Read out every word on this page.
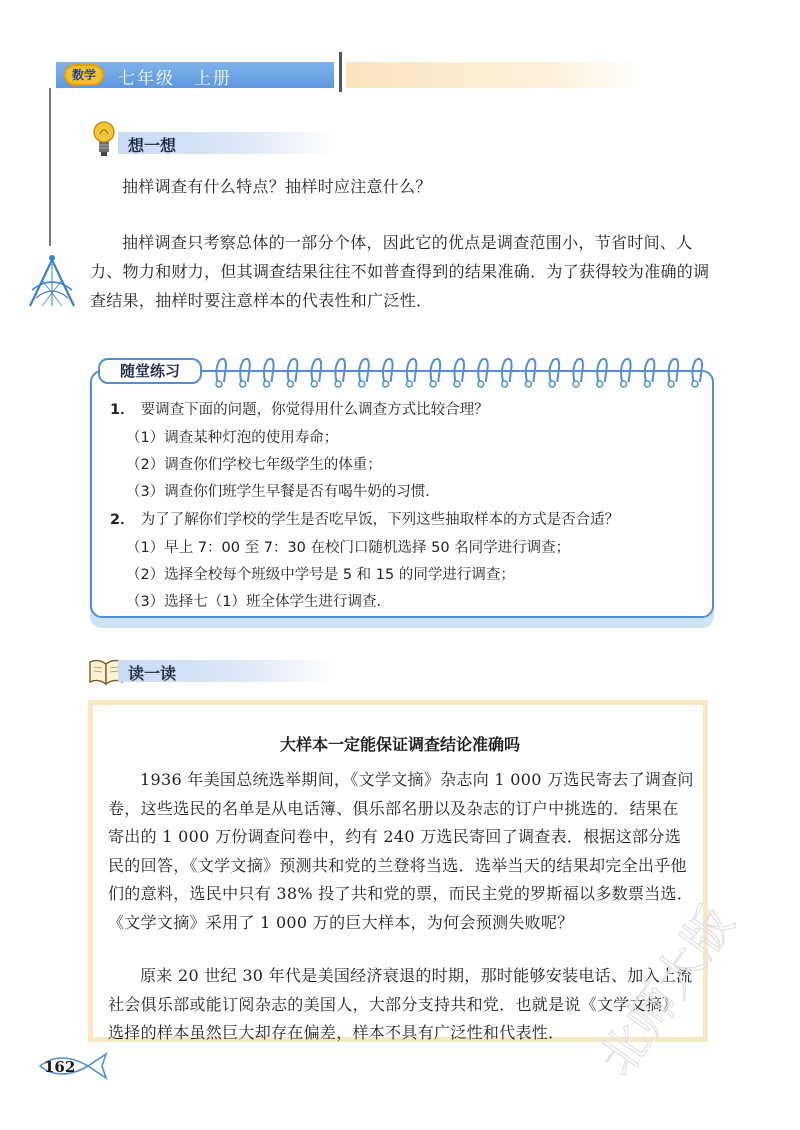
数学	七年级　上册
想一想

抽样调查有什么特点？抽样时应注意什么？

抽样调查只考察总体的一部分个体，因此它的优点是调查范围小，节省时间、人力、物力和财力，但其调查结果往往不如普查得到的结果准确．为了获得较为准确的调查结果，抽样时要注意样本的代表性和广泛性．

随堂练习
1． 要调查下面的问题，你觉得用什么调查方式比较合理？
（1）调查某种灯泡的使用寿命；
（2）调查你们学校七年级学生的体重；
（3）调查你们班学生早餐是否有喝牛奶的习惯．
2． 为了了解你们学校的学生是否吃早饭，下列这些抽取样本的方式是否合适？
（1）早上 7：00 至 7：30 在校门口随机选择 50 名同学进行调查；
（2）选择全校每个班级中学号是 5 和 15 的同学进行调查；
（3）选择七（1）班全体学生进行调查．
读一读
大样本一定能保证调查结论准确吗

1936 年美国总统选举期间，《文学文摘》杂志向 1 000 万选民寄去了调查问卷，这些选民的名单是从电话簿、俱乐部名册以及杂志的订户中挑选的．结果在寄出的 1 000 万份调查问卷中，约有 240 万选民寄回了调查表．根据这部分选民的回答，《文学文摘》预测共和党的兰登将当选．选举当天的结果却完全出乎他们的意料，选民中只有 38% 投了共和党的票，而民主党的罗斯福以多数票当选．《文学文摘》采用了 1 000 万的巨大样本，为何会预测失败呢？

原来 20 世纪 30 年代是美国经济衰退的时期，那时能够安装电话、加入上流社会俱乐部或能订阅杂志的美国人，大部分支持共和党．也就是说《文学文摘》选择的样本虽然巨大却存在偏差，样本不具有广泛性和代表性．

162	北师大版
